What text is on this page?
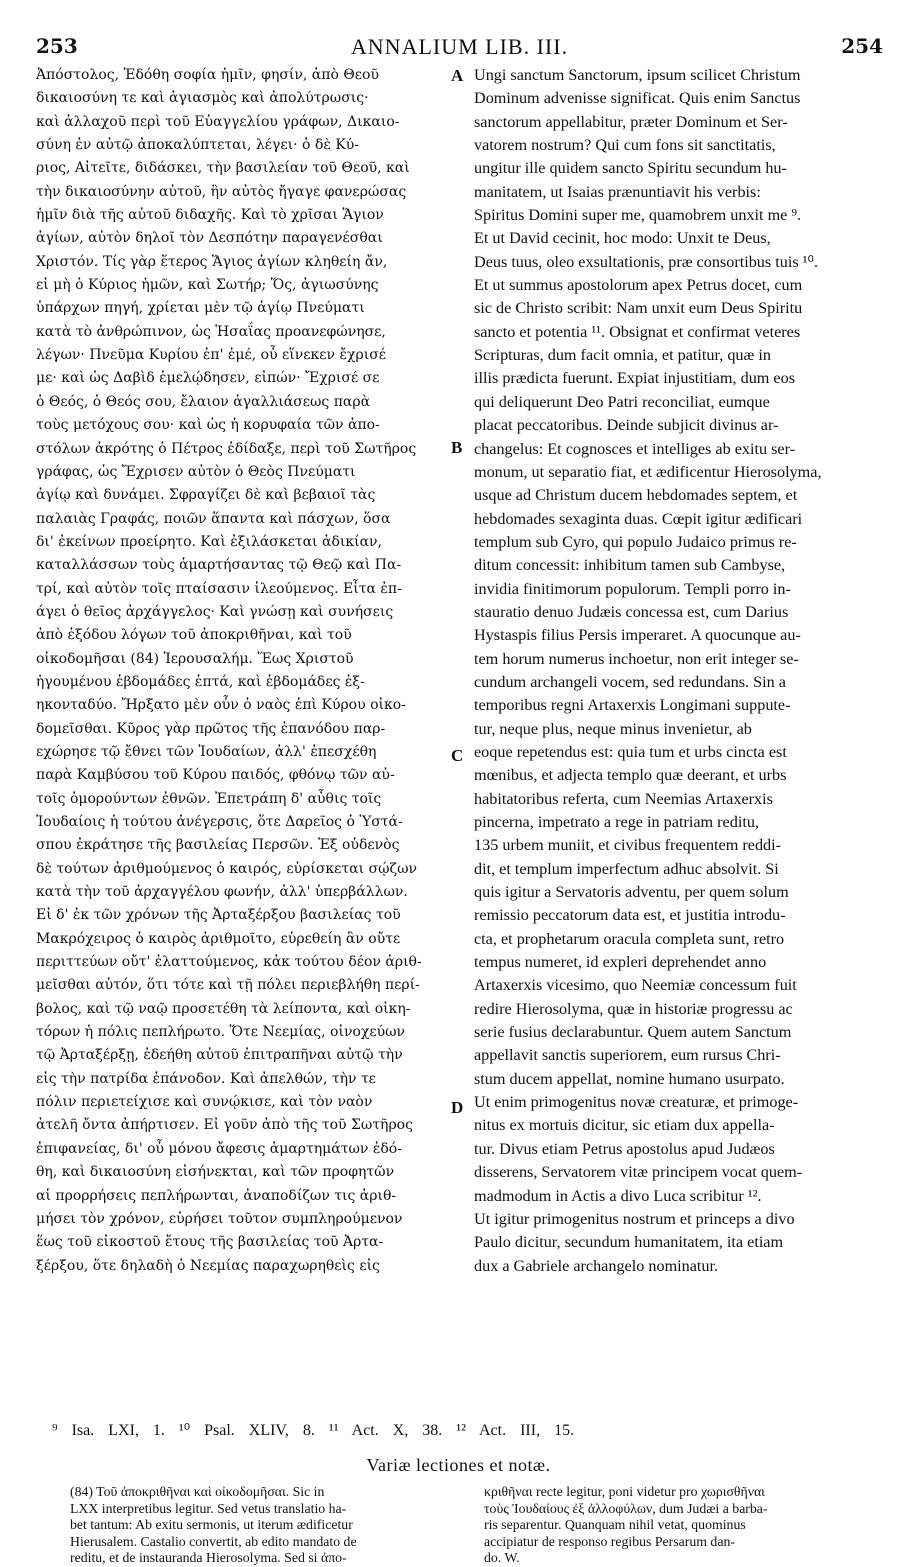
253	ANNALIUM LIB. III.	254
Ἀπόστολος, Ἐδόθη σοφία ἡμῖν, φησίν, ἀπὸ Θεοῦ
δικαιοσύνη τε καὶ ἁγιασμὸς καὶ ἀπολύτρωσις·
καὶ ἀλλαχοῦ περὶ τοῦ Εὐαγγελίου γράφων, Δικαιο-
σύνη ἐν αὐτῷ ἀποκαλύπτεται, λέγει· ὁ δὲ Κύ-
ριος, Αἰτεῖτε, διδάσκει, τὴν βασιλείαν τοῦ Θεοῦ, καὶ
τὴν δικαιοσύνην αὐτοῦ, ἣν αὐτὸς ἤγαγε φανερώσας
ἡμῖν διὰ τῆς αὐτοῦ διδαχῆς. Καὶ τὸ χρῖσαι Ἅγιον
ἁγίων, αὐτὸν δηλοῖ τὸν Δεσπότην παραγενέσθαι
Χριστόν. Τίς γὰρ ἕτερος Ἅγιος ἁγίων κληθείη ἄν,
εἰ μὴ ὁ Κύριος ἡμῶν, καὶ Σωτήρ; Ὅς, ἁγιωσύνης
ὑπάρχων πηγή, χρίεται μὲν τῷ ἁγίῳ Πνεύματι
κατὰ τὸ ἀνθρώπινον, ὡς Ἡσαΐας προανεφώνησε,
λέγων· Πνεῦμα Κυρίου ἐπ' ἐμέ, οὗ εἵνεκεν ἔχρισέ
με· καὶ ὡς Δαβὶδ ἐμελῴδησεν, εἰπών· Ἔχρισέ σε
ὁ Θεός, ὁ Θεός σου, ἔλαιον ἀγαλλιάσεως παρὰ
τοὺς μετόχους σου· καὶ ὡς ἡ κορυφαία τῶν ἀπο-
στόλων ἀκρότης ὁ Πέτρος ἐδίδαξε, περὶ τοῦ Σωτῆρος
γράφας, ὡς Ἔχρισεν αὐτὸν ὁ Θεὸς Πνεύματι
ἁγίῳ καὶ δυνάμει. Σφραγίζει δὲ καὶ βεβαιοῖ τὰς
παλαιὰς Γραφάς, ποιῶν ἅπαντα καὶ πάσχων, ὅσα
δι' ἐκείνων προείρητο. Καὶ ἐξιλάσκεται ἀδικίαν,
καταλλάσσων τοὺς ἁμαρτήσαντας τῷ Θεῷ καὶ Πα-
τρί, καὶ αὐτὸν τοῖς πταίσασιν ἱλεούμενος. Εἶτα ἐπ-
άγει ὁ θεῖος ἀρχάγγελος· Καὶ γνώσῃ καὶ συνήσεις
ἀπὸ ἐξόδου λόγων τοῦ ἀποκριθῆναι, καὶ τοῦ
οἰκοδομῆσαι (84) Ἱερουσαλήμ. Ἕως Χριστοῦ
ἡγουμένου ἑβδομάδες ἑπτά, καὶ ἑβδομάδες ἑξ-
ηκονταδύο. Ἤρξατο μὲν οὖν ὁ ναὸς ἐπὶ Κύρου οἰκο-
δομεῖσθαι. Κῦρος γὰρ πρῶτος τῆς ἐπανόδου παρ-
εχώρησε τῷ ἔθνει τῶν Ἰουδαίων, ἀλλ' ἐπεσχέθη
παρὰ Καμβύσου τοῦ Κύρου παιδός, φθόνῳ τῶν αὐ-
τοῖς ὁμορούντων ἐθνῶν. Ἐπετράπη δ' αὖθις τοῖς
Ἰουδαίοις ἡ τούτου ἀνέγερσις, ὅτε Δαρεῖος ὁ Ὑστά-
σπου ἐκράτησε τῆς βασιλείας Περσῶν. Ἐξ οὐδενὸς
δὲ τούτων ἀριθμούμενος ὁ καιρός, εὑρίσκεται σῴζων
κατὰ τὴν τοῦ ἀρχαγγέλου φωνήν, ἀλλ' ὑπερβάλλων.
Εἰ δ' ἐκ τῶν χρόνων τῆς Ἀρταξέρξου βασιλείας τοῦ
Μακρόχειρος ὁ καιρὸς ἀριθμοῖτο, εὑρεθείη ἂν οὔτε
περιττεύων οὔτ' ἐλαττούμενος, κἀκ τούτου δέον ἀριθ-
μεῖσθαι αὐτόν, ὅτι τότε καὶ τῇ πόλει περιεβλήθη περί-
βολος, καὶ τῷ ναῷ προσετέθη τὰ λείποντα, καὶ οἰκη-
τόρων ἡ πόλις πεπλήρωτο. Ὅτε Νεεμίας, οἰνοχεύων
τῷ Ἀρταξέρξῃ, ἐδεήθη αὐτοῦ ἐπιτραπῆναι αὐτῷ τὴν
εἰς τὴν πατρίδα ἐπάνοδον. Καὶ ἀπελθών, τὴν τε
πόλιν περιετείχισε καὶ συνῴκισε, καὶ τὸν ναὸν
ἀτελῆ ὄντα ἀπήρτισεν. Εἰ γοῦν ἀπὸ τῆς τοῦ Σωτῆρος
ἐπιφανείας, δι' οὗ μόνου ἄφεσις ἁμαρτημάτων ἐδό-
θη, καὶ δικαιοσύνη εἰσήνεκται, καὶ τῶν προφητῶν
αἱ προρρήσεις πεπλήρωνται, ἀναποδίζων τις ἀριθ-
μήσει τὸν χρόνον, εὑρήσει τοῦτον συμπληρούμενον
ἕως τοῦ εἰκοστοῦ ἔτους τῆς βασιλείας τοῦ Ἀρτα-
ξέρξου, ὅτε δηλαδὴ ὁ Νεεμίας παραχωρηθεὶς εἰς
Ungi sanctum Sanctorum, ipsum scilicet Christum
Dominum advenisse significat. Quis enim Sanctus
sanctorum appellabitur, præter Dominum et Ser-
vatorem nostrum? Qui cum fons sit sanctitatis,
ungitur ille quidem sancto Spiritu secundum hu-
manitatem, ut Isaias prænuntiavit his verbis:
Spiritus Domini super me, quamobrem unxit me ⁹.
Et ut David cecinit, hoc modo: Unxit te Deus,
Deus tuus, oleo exsultationis, præ consortibus tuis ¹⁰.
Et ut summus apostolorum apex Petrus docet, cum
sic de Christo scribit: Nam unxit eum Deus Spiritu
sancto et potentia ¹¹. Obsignat et confirmat veteres
Scripturas, dum facit omnia, et patitur, quæ in
illis prædicta fuerunt. Expiat injustitiam, dum eos
qui deliquerunt Deo Patri reconciliat, eumque
placat peccatoribus. Deinde subjicit divinus ar-
changelus: Et cognosces et intelliges ab exitu ser-
monum, ut separatio fiat, et ædificentur Hierosolyma,
usque ad Christum ducem hebdomades septem, et
hebdomades sexaginta duas. Cœpit igitur ædificari
templum sub Cyro, qui populo Judaico primus re-
ditum concessit: inhibitum tamen sub Cambyse,
invidia finitimorum populorum. Templi porro in-
stauratio denuo Judæis concessa est, cum Darius
Hystaspis filius Persis imperaret. A quocunque au-
tem horum numerus inchoetur, non erit integer se-
cundum archangeli vocem, sed redundans. Sin a
temporibus regni Artaxerxis Longimani suppute-
tur, neque plus, neque minus invenietur, ab
eoque repetendus est: quia tum et urbs cincta est
mœnibus, et adjecta templo quæ deerant, et urbs
habitatoribus referta, cum Neemias Artaxerxis
pincerna, impetrato a rege in patriam reditu,
135 urbem muniit, et civibus frequentem reddi-
dit, et templum imperfectum adhuc absolvit. Si
quis igitur a Servatoris adventu, per quem solum
remissio peccatorum data est, et justitia introdu-
cta, et prophetarum oracula completa sunt, retro
tempus numeret, id expleri deprehendet anno
Artaxerxis vicesimo, quo Neemiæ concessum fuit
redire Hierosolyma, quæ in historiæ progressu ac
serie fusius declarabuntur. Quem autem Sanctum
appellavit sanctis superiorem, eum rursus Chri-
stum ducem appellat, nomine humano usurpato.
Ut enim primogenitus novæ creaturæ, et primoge-
nitus ex mortuis dicitur, sic etiam dux appella-
tur. Divus etiam Petrus apostolus apud Judæos
disserens, Servatorem vitæ principem vocat quem-
madmodum in Actis a divo Luca scribitur ¹².
Ut igitur primogenitus nostrum et princeps a divo
Paulo dicitur, secundum humanitatem, ita etiam
dux a Gabriele archangelo nominatur.
A
B
C
D
⁹ Isa. LXI, 1. ¹⁰ Psal. XLIV, 8. ¹¹ Act. X, 38. ¹² Act. III, 15.
Variæ lectiones et notæ.
(84) Τοῦ ἀποκριθῆναι καὶ οἰκοδομῆσαι. Sic in
LXX interpretibus legitur. Sed vetus translatio ha-
bet tantum: Ab exitu sermonis, ut iterum ædificetur
Hierusalem. Castalio convertit, ab edito mandato de
reditu, et de instauranda Hierosolyma. Sed si ἀπο-
κριθῆναι recte legitur, poni videtur pro χωρισθῆναι
τοὺς Ἰουδαίους ἐξ ἀλλοφύλων, dum Judæi a barba-
ris separentur. Quanquam nihil vetat, quominus
accipiatur de responso regibus Persarum dan-
do. W.
